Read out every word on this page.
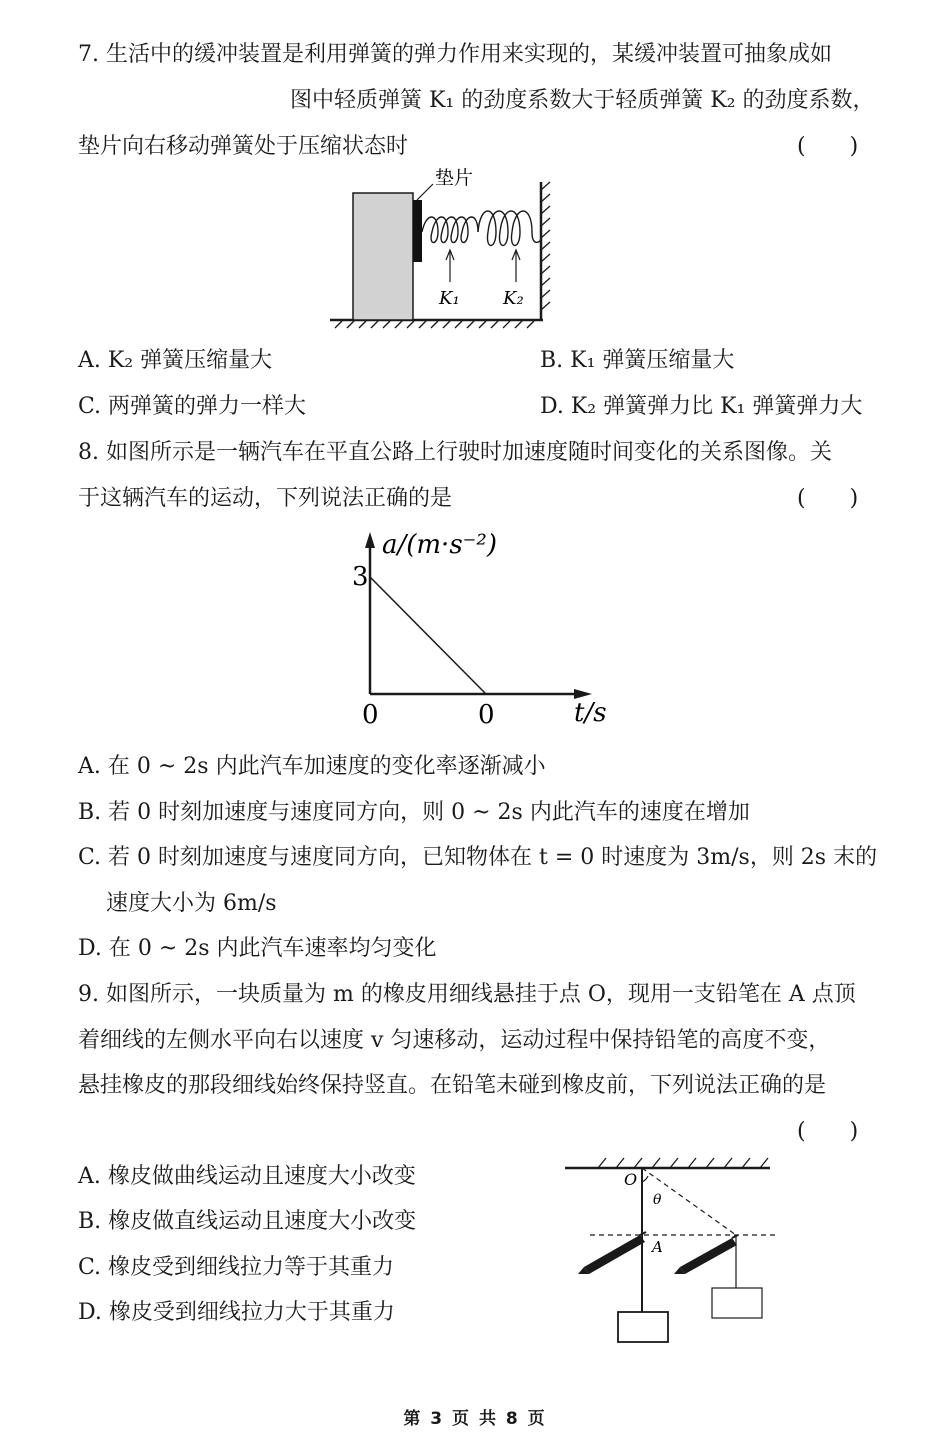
7. 生活中的缓冲装置是利用弹簧的弹力作用来实现的，某缓冲装置可抽象成如
图中轻质弹簧 K₁ 的劲度系数大于轻质弹簧 K₂ 的劲度系数，
垫片向右移动弹簧处于压缩状态时	(　　)
垫片
K₁ K₂
A. K₂ 弹簧压缩量大	B. K₁ 弹簧压缩量大
C. 两弹簧的弹力一样大	D. K₂ 弹簧弹力比 K₁ 弹簧弹力大
8. 如图所示是一辆汽车在平直公路上行驶时加速度随时间变化的关系图像。关
于这辆汽车的运动，下列说法正确的是	(　　)
a/(m·s⁻²)
t/s
0
3
0
A. 在 0 ~ 2s 内此汽车加速度的变化率逐渐减小
B. 若 0 时刻加速度与速度同方向，则 0 ~ 2s 内此汽车的速度在增加
C. 若 0 时刻加速度与速度同方向，已知物体在 t = 0 时速度为 3m/s，则 2s 末的
速度大小为 6m/s
D. 在 0 ~ 2s 内此汽车速率均匀变化
9. 如图所示，一块质量为 m 的橡皮用细线悬挂于点 O，现用一支铅笔在 A 点顶
着细线的左侧水平向右以速度 v 匀速移动，运动过程中保持铅笔的高度不变，
悬挂橡皮的那段细线始终保持竖直。在铅笔未碰到橡皮前，下列说法正确的是
(　　)
A. 橡皮做曲线运动且速度大小改变
B. 橡皮做直线运动且速度大小改变
C. 橡皮受到细线拉力等于其重力
D. 橡皮受到细线拉力大于其重力
O
θ
A
第 3 页 共 8 页
